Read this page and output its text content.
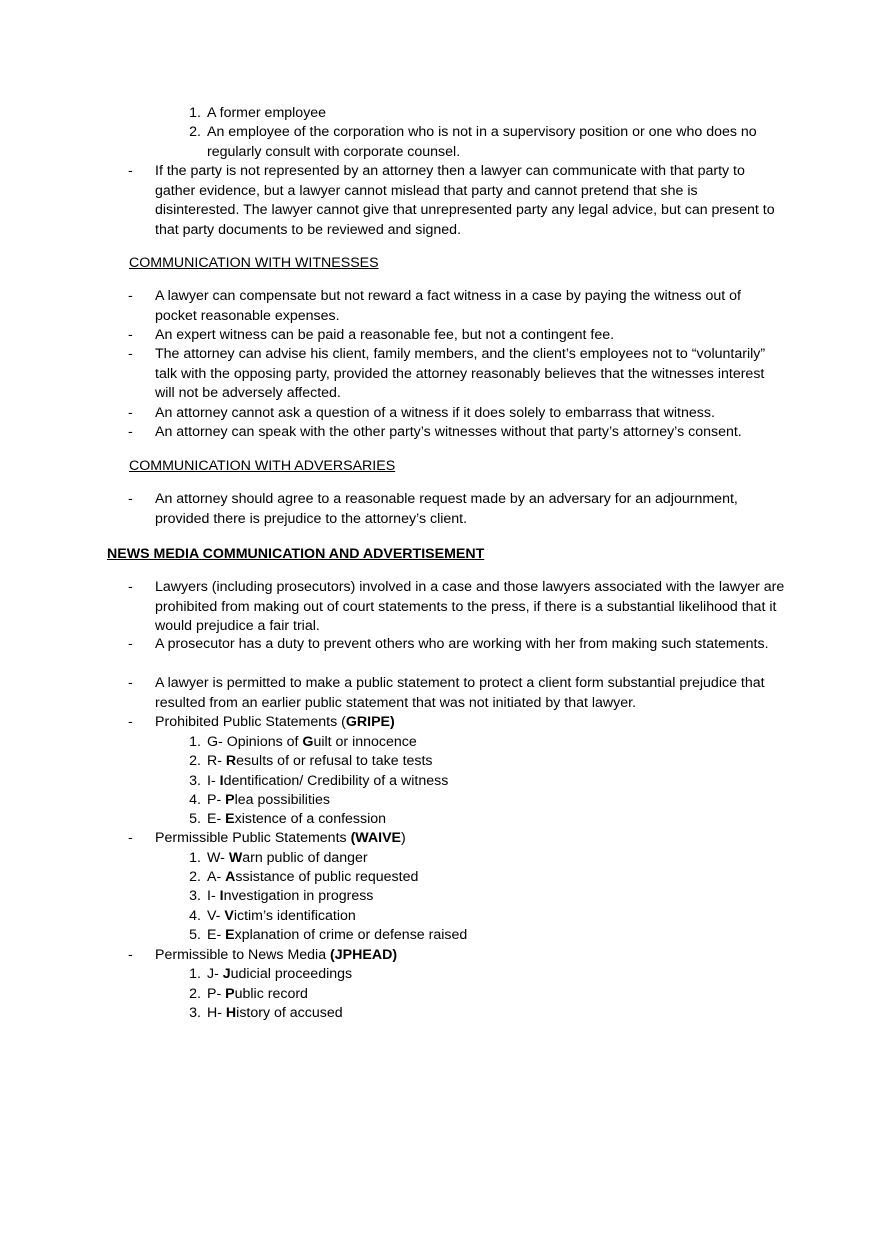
1. A former employee
2. An employee of the corporation who is not in a supervisory position or one who does no regularly consult with corporate counsel.
- If the party is not represented by an attorney then a lawyer can communicate with that party to gather evidence, but a lawyer cannot mislead that party and cannot pretend that she is disinterested. The lawyer cannot give that unrepresented party any legal advice, but can present to that party documents to be reviewed and signed.
COMMUNICATION WITH WITNESSES
- A lawyer can compensate but not reward a fact witness in a case by paying the witness out of pocket reasonable expenses.
- An expert witness can be paid a reasonable fee, but not a contingent fee.
- The attorney can advise his client, family members, and the client’s employees not to “voluntarily” talk with the opposing party, provided the attorney reasonably believes that the witnesses interest will not be adversely affected.
- An attorney cannot ask a question of a witness if it does solely to embarrass that witness.
- An attorney can speak with the other party’s witnesses without that party’s attorney’s consent.
COMMUNICATION WITH ADVERSARIES
- An attorney should agree to a reasonable request made by an adversary for an adjournment, provided there is prejudice to the attorney’s client.
NEWS MEDIA COMMUNICATION AND ADVERTISEMENT
- Lawyers (including prosecutors) involved in a case and those lawyers associated with the lawyer are prohibited from making out of court statements to the press, if there is a substantial likelihood that it would prejudice a fair trial.
- A prosecutor has a duty to prevent others who are working with her from making such statements.
- A lawyer is permitted to make a public statement to protect a client form substantial prejudice that resulted from an earlier public statement that was not initiated by that lawyer.
- Prohibited Public Statements (GRIPE)
1. G- Opinions of Guilt or innocence
2. R- Results of or refusal to take tests
3. I- Identification/ Credibility of a witness
4. P- Plea possibilities
5. E- Existence of a confession
- Permissible Public Statements (WAIVE)
1. W- Warn public of danger
2. A- Assistance of public requested
3. I- Investigation in progress
4. V- Victim’s identification
5. E- Explanation of crime or defense raised
- Permissible to News Media (JPHEAD)
1. J- Judicial proceedings
2. P- Public record
3. H- History of accused
